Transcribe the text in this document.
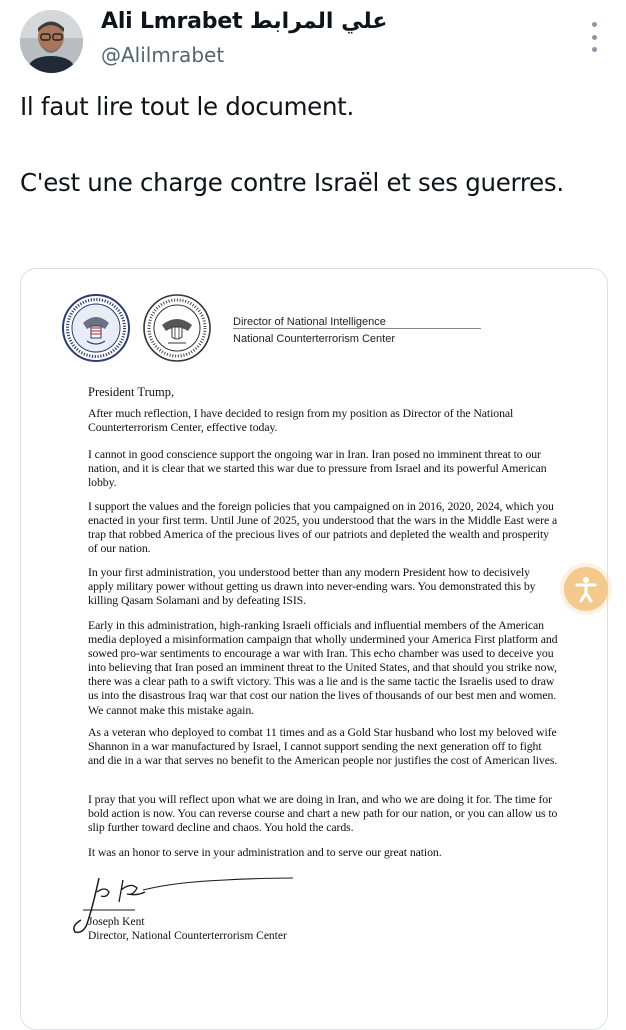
Ali Lmrabet علي المرابط
@Alilmrabet

Il faut lire tout le document.

C'est une charge contre Israël et ses guerres.

Director of National Intelligence
National Counterterrorism Center
President Trump,

After much reflection, I have decided to resign from my position as Director of the National Counterterrorism Center, effective today.

I cannot in good conscience support the ongoing war in Iran. Iran posed no imminent threat to our nation, and it is clear that we started this war due to pressure from Israel and its powerful American lobby.

I support the values and the foreign policies that you campaigned on in 2016, 2020, 2024, which you enacted in your first term. Until June of 2025, you understood that the wars in the Middle East were a trap that robbed America of the precious lives of our patriots and depleted the wealth and prosperity of our nation.

In your first administration, you understood better than any modern President how to decisively apply military power without getting us drawn into never-ending wars. You demonstrated this by killing Qasam Solamani and by defeating ISIS.

Early in this administration, high-ranking Israeli officials and influential members of the American media deployed a misinformation campaign that wholly undermined your America First platform and sowed pro-war sentiments to encourage a war with Iran. This echo chamber was used to deceive you into believing that Iran posed an imminent threat to the United States, and that should you strike now, there was a clear path to a swift victory. This was a lie and is the same tactic the Israelis used to draw us into the disastrous Iraq war that cost our nation the lives of thousands of our best men and women. We cannot make this mistake again.

As a veteran who deployed to combat 11 times and as a Gold Star husband who lost my beloved wife Shannon in a war manufactured by Israel, I cannot support sending the next generation off to fight and die in a war that serves no benefit to the American people nor justifies the cost of American lives.

I pray that you will reflect upon what we are doing in Iran, and who we are doing it for. The time for bold action is now. You can reverse course and chart a new path for our nation, or you can allow us to slip further toward decline and chaos. You hold the cards.

It was an honor to serve in your administration and to serve our great nation.

Joseph Kent
Director, National Counterterrorism Center
